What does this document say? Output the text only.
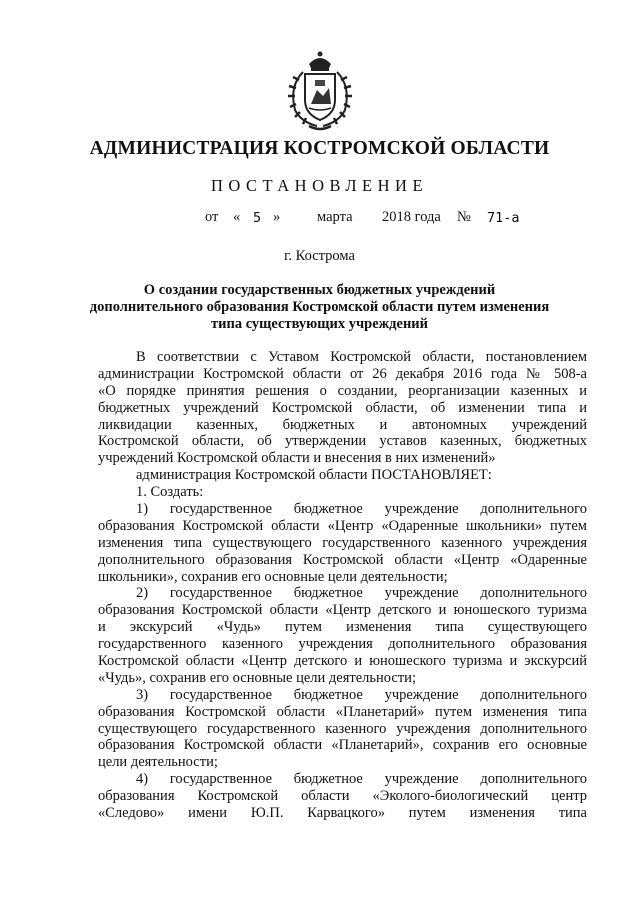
АДМИНИСТРАЦИЯ КОСТРОМСКОЙ ОБЛАСТИ
ПОСТАНОВЛЕНИЕ
от « 5 »	марта 2018 года № 71-а
г. Кострома
О создании государственных бюджетных учреждений
дополнительного образования Костромской области путем изменения
типа существующих учреждений
В соответствии с Уставом Костромской области, постановлением
администрации Костромской области от 26 декабря 2016 года № 508-а
«О порядке принятия решения о создании, реорганизации казенных и
бюджетных учреждений Костромской области, об изменении типа и
ликвидации казенных, бюджетных и автономных учреждений
Костромской области, об утверждении уставов казенных, бюджетных
учреждений Костромской области и внесения в них изменений»
администрация Костромской области ПОСТАНОВЛЯЕТ:
1. Создать:
1) государственное бюджетное учреждение дополнительного
образования Костромской области «Центр «Одаренные школьники» путем
изменения типа существующего государственного казенного учреждения
дополнительного образования Костромской области «Центр «Одаренные
школьники», сохранив его основные цели деятельности;
2) государственное бюджетное учреждение дополнительного
образования Костромской области «Центр детского и юношеского туризма
и экскурсий «Чудь» путем изменения типа существующего
государственного казенного учреждения дополнительного образования
Костромской области «Центр детского и юношеского туризма и экскурсий
«Чудь», сохранив его основные цели деятельности;
3) государственное бюджетное учреждение дополнительного
образования Костромской области «Планетарий» путем изменения типа
существующего государственного казенного учреждения дополнительного
образования Костромской области «Планетарий», сохранив его основные
цели деятельности;
4) государственное бюджетное учреждение дополнительного
образования Костромской области «Эколого-биологический центр
«Следово» имени Ю.П. Карвацкого» путем изменения типа
